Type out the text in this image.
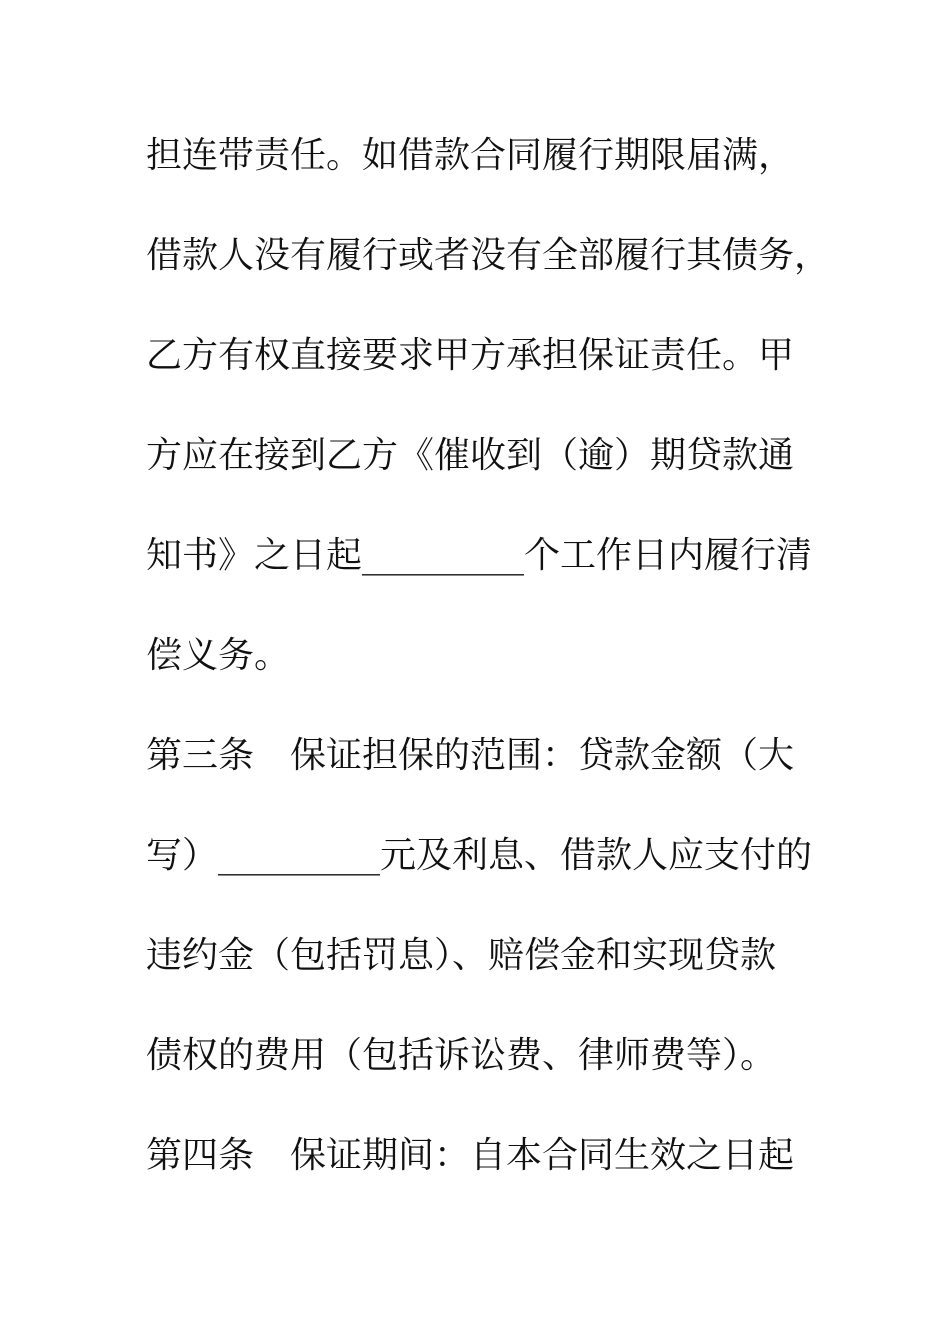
担连带责任。如借款合同履行期限届满，
借款人没有履行或者没有全部履行其债务，
乙方有权直接要求甲方承担保证责任。甲
方应在接到乙方《催收到（逾）期贷款通
知书》之日起_________个工作日内履行清
偿义务。
第三条　保证担保的范围：贷款金额（大
写）_________元及利息、借款人应支付的
违约金（包括罚息）、赔偿金和实现贷款
债权的费用（包括诉讼费、律师费等）。
第四条　保证期间：自本合同生效之日起
